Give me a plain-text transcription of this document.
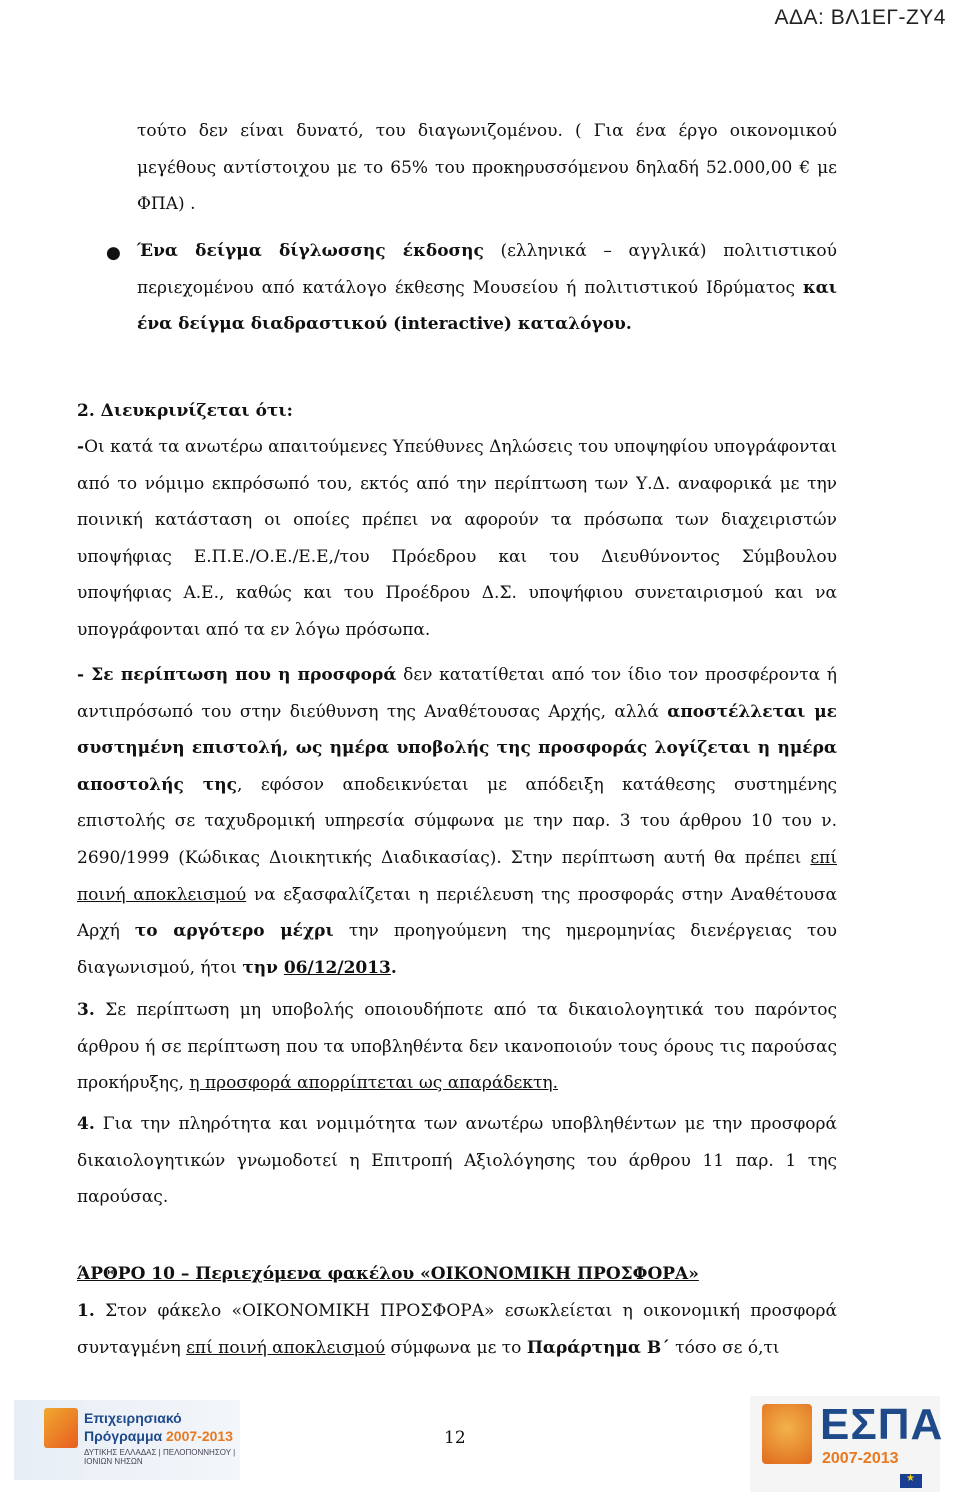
ΑΔΑ: ΒΛ1ΕΓ-ΖΥ4

τούτο δεν είναι δυνατό, του διαγωνιζομένου. ( Για ένα έργο οικονομικού μεγέθους αντίστοιχου με το 65% του προκηρυσσόμενου δηλαδή 52.000,00 € με ΦΠΑ) .

● Ένα δείγμα δίγλωσσης έκδοσης (ελληνικά – αγγλικά) πολιτιστικού περιεχομένου από κατάλογο έκθεσης Μουσείου ή πολιτιστικού Ιδρύματος και ένα δείγμα διαδραστικού (interactive) καταλόγου.

2. Διευκρινίζεται ότι:

-Οι κατά τα ανωτέρω απαιτούμενες Υπεύθυνες Δηλώσεις του υποψηφίου υπογράφονται από το νόμιμο εκπρόσωπό του, εκτός από την περίπτωση των Υ.Δ. αναφορικά με την ποινική κατάσταση οι οποίες πρέπει να αφορούν τα πρόσωπα των διαχειριστών υποψήφιας Ε.Π.Ε./Ο.Ε./Ε.Ε,/του Πρόεδρου και του Διευθύνοντος Σύμβουλου υποψήφιας Α.Ε., καθώς και του Προέδρου Δ.Σ. υποψήφιου συνεταιρισμού και να υπογράφονται από τα εν λόγω πρόσωπα.

- Σε περίπτωση που η προσφορά δεν κατατίθεται από τον ίδιο τον προσφέροντα ή αντιπρόσωπό του στην διεύθυνση της Αναθέτουσας Αρχής, αλλά αποστέλλεται με συστημένη επιστολή, ως ημέρα υποβολής της προσφοράς λογίζεται η ημέρα αποστολής της, εφόσον αποδεικνύεται με απόδειξη κατάθεσης συστημένης επιστολής σε ταχυδρομική υπηρεσία σύμφωνα με την παρ. 3 του άρθρου 10 του ν. 2690/1999 (Κώδικας Διοικητικής Διαδικασίας). Στην περίπτωση αυτή θα πρέπει επί ποινή αποκλεισμού να εξασφαλίζεται η περιέλευση της προσφοράς στην Αναθέτουσα Αρχή το αργότερο μέχρι την προηγούμενη της ημερομηνίας διενέργειας του διαγωνισμού, ήτοι την 06/12/2013.

3. Σε περίπτωση μη υποβολής οποιουδήποτε από τα δικαιολογητικά του παρόντος άρθρου ή σε περίπτωση που τα υποβληθέντα δεν ικανοποιούν τους όρους τις παρούσας προκήρυξης, η προσφορά απορρίπτεται ως απαράδεκτη.

4. Για την πληρότητα και νομιμότητα των ανωτέρω υποβληθέντων με την προσφορά δικαιολογητικών γνωμοδοτεί η Επιτροπή Αξιολόγησης του άρθρου 11 παρ. 1 της παρούσας.

ΆΡΘΡΟ 10 – Περιεχόμενα φακέλου «ΟΙΚΟΝΟΜΙΚΗ ΠΡΟΣΦΟΡΑ»

1. Στον φάκελο «ΟΙΚΟΝΟΜΙΚΗ ΠΡΟΣΦΟΡΑ» εσωκλείεται η οικονομική προσφορά συνταγμένη επί ποινή αποκλεισμού σύμφωνα με το Παράρτημα Β΄ τόσο σε ό,τι

Επιχειρησιακό
Πρόγραμμα 2007-2013
ΔΥΤΙΚΗΣ ΕΛΛΑΔΑΣ | ΠΕΛΟΠΟΝΝΗΣΟΥ | ΙΟΝΙΩΝ ΝΗΣΩΝ
12	ΕΣΠΑ
2007-2013
★
